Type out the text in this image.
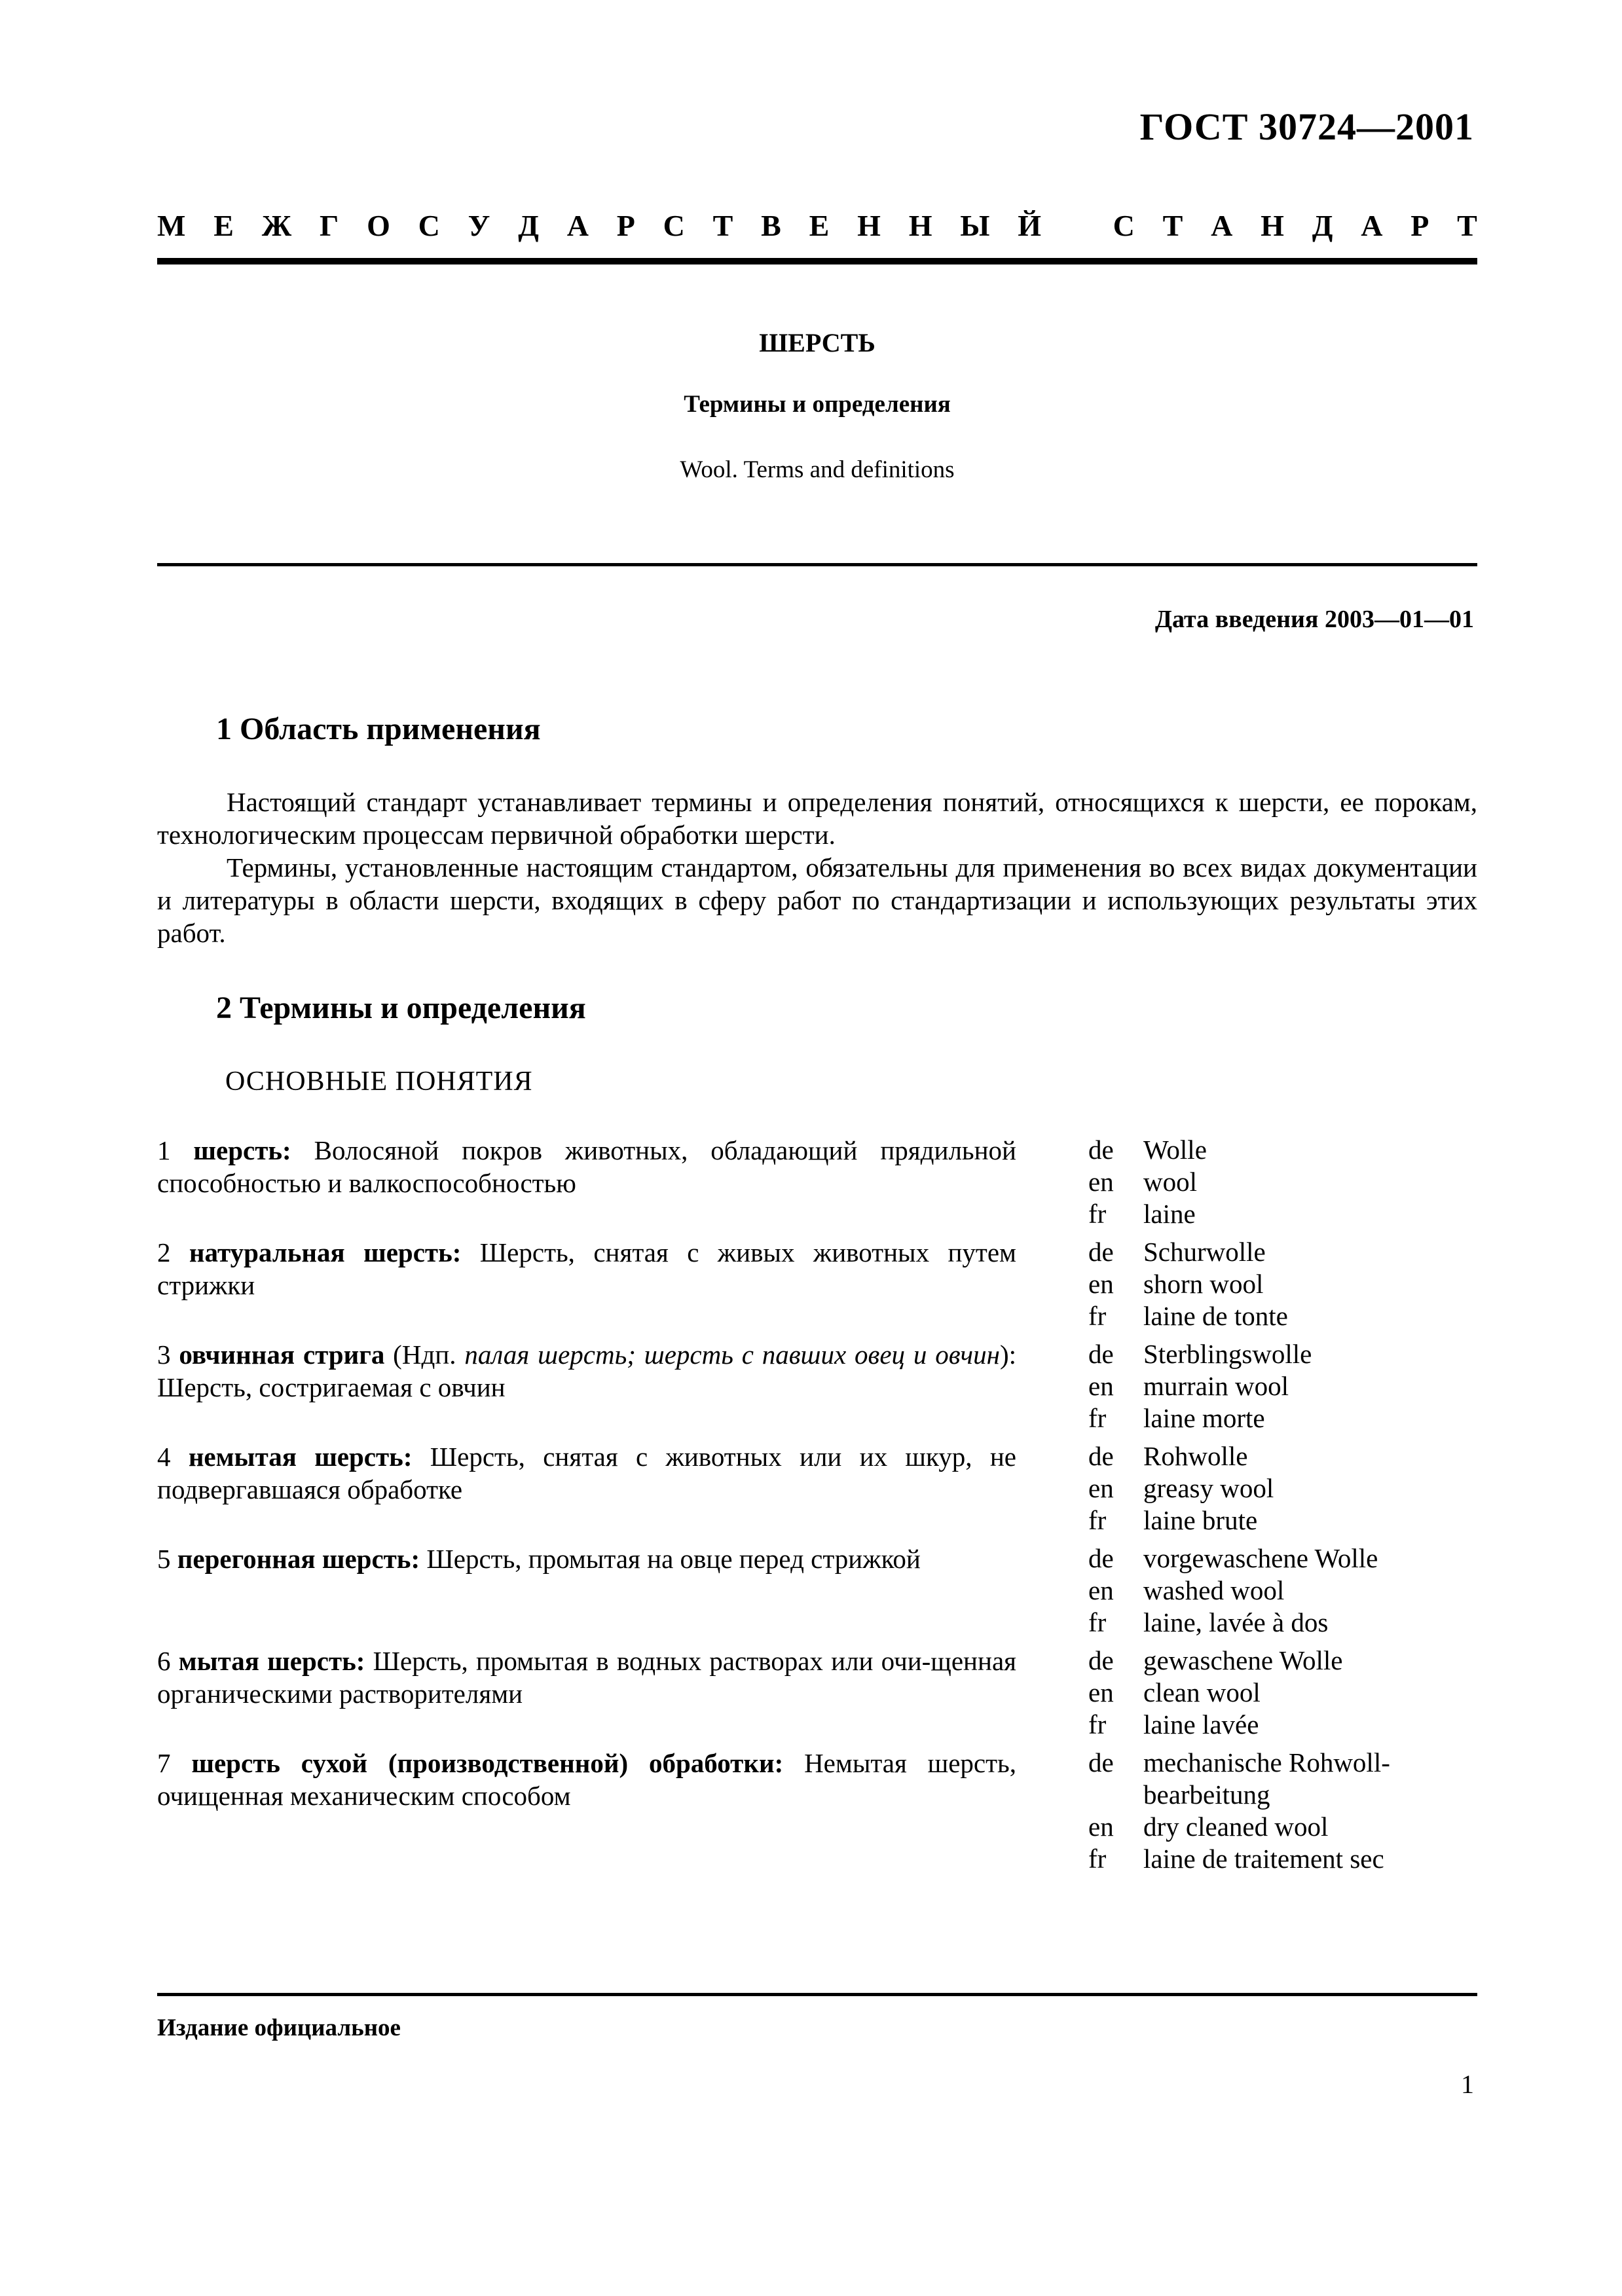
ГОСТ 30724—2001
М Е Ж Г О С У Д А Р С Т В Е Н Н Ы Й С Т А Н Д А Р Т
ШЕРСТЬ
Термины и определения
Wool. Terms and definitions
Дата введения 2003—01—01
1 Область применения
Настоящий стандарт устанавливает термины и определения понятий, относящихся к шерсти, ее порокам, технологическим процессам первичной обработки шерсти.
Термины, установленные настоящим стандартом, обязательны для применения во всех видах документации и литературы в области шерсти, входящих в сферу работ по стандартизации и использующих результаты этих работ.
2 Термины и определения
ОСНОВНЫЕ ПОНЯТИЯ
1 шерсть: Волосяной покров животных, обладающий прядильной способностью и валкоспособностью
de	Wolle
en	wool
fr	laine
2 натуральная шерсть: Шерсть, снятая с живых животных путем стрижки
de	Schurwolle
en	shorn wool
fr	laine de tonte
3 овчинная стрига (Ндп. палая шерсть; шерсть с павших овец и овчин): Шерсть, состригаемая с овчин
de	Sterblingswolle
en	murrain wool
fr	laine morte
4 немытая шерсть: Шерсть, снятая с животных или их шкур, не подвергавшаяся обработке
de	Rohwolle
en	greasy wool
fr	laine brute
5 перегонная шерсть: Шерсть, промытая на овце перед стрижкой	de	vorgewaschene Wolle
en	washed wool
fr	laine, lavée à dos
6 мытая шерсть: Шерсть, промытая в водных растворах или очи-щенная органическими растворителями
de	gewaschene Wolle
en	clean wool
fr	laine lavée
7 шерсть сухой (производственной) обработки: Немытая шерсть, очищенная механическим способом
de	mechanische Rohwoll-bearbeitung
en	dry cleaned wool
fr	laine de traitement sec
Издание официальное
1
